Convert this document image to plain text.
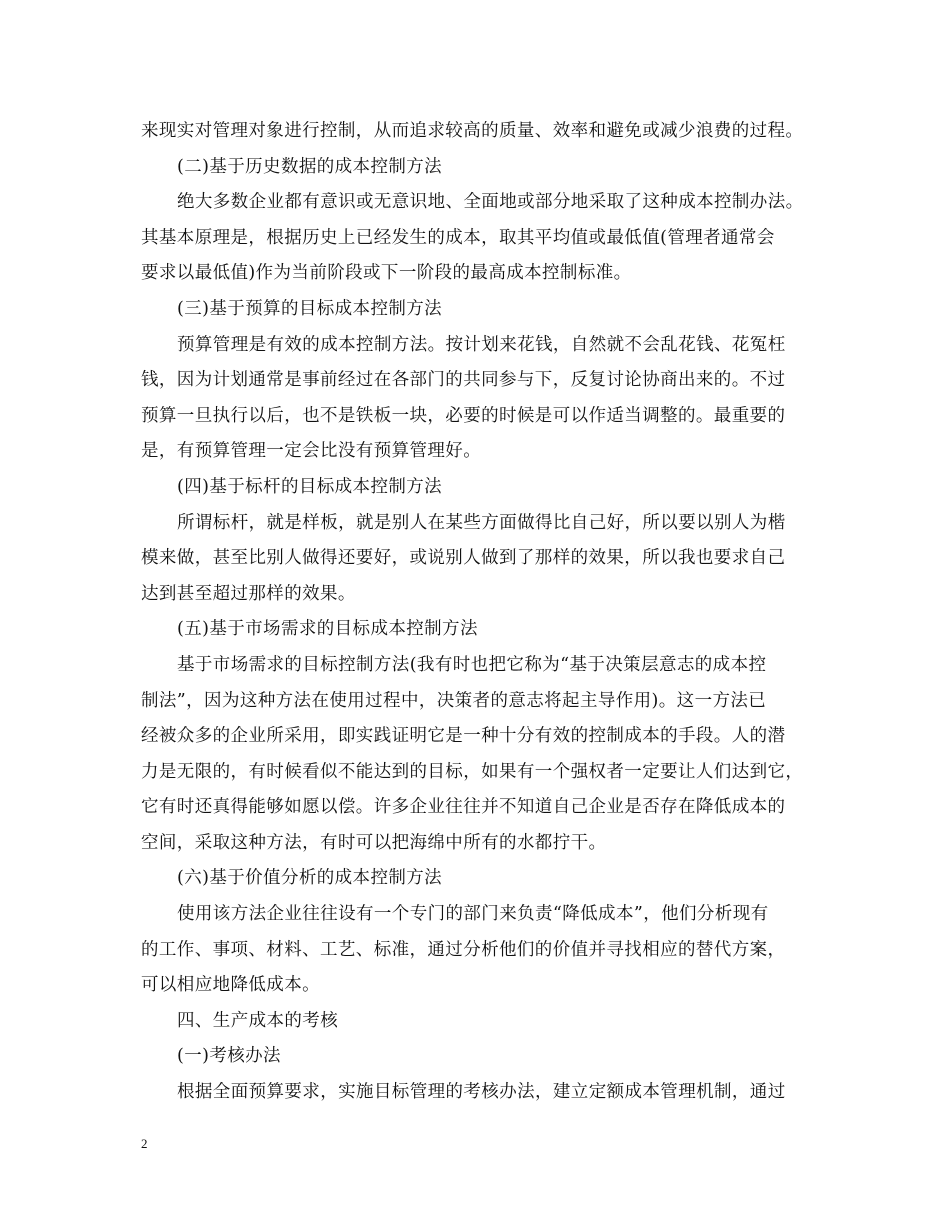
来现实对管理对象进行控制，从而追求较高的质量、效率和避免或减少浪费的过程。
(二)基于历史数据的成本控制方法
绝大多数企业都有意识或无意识地、全面地或部分地采取了这种成本控制办法。
其基本原理是，根据历史上已经发生的成本，取其平均值或最低值(管理者通常会
要求以最低值)作为当前阶段或下一阶段的最高成本控制标准。
(三)基于预算的目标成本控制方法
预算管理是有效的成本控制方法。按计划来花钱，自然就不会乱花钱、花冤枉
钱，因为计划通常是事前经过在各部门的共同参与下，反复讨论协商出来的。不过
预算一旦执行以后，也不是铁板一块，必要的时候是可以作适当调整的。最重要的
是，有预算管理一定会比没有预算管理好。
(四)基于标杆的目标成本控制方法
所谓标杆，就是样板，就是别人在某些方面做得比自己好，所以要以别人为楷
模来做，甚至比别人做得还要好，或说别人做到了那样的效果，所以我也要求自己
达到甚至超过那样的效果。
(五)基于市场需求的目标成本控制方法
基于市场需求的目标控制方法(我有时也把它称为“基于决策层意志的成本控
制法”，因为这种方法在使用过程中，决策者的意志将起主导作用)。这一方法已
经被众多的企业所采用，即实践证明它是一种十分有效的控制成本的手段。人的潜
力是无限的，有时候看似不能达到的目标，如果有一个强权者一定要让人们达到它，
它有时还真得能够如愿以偿。许多企业往往并不知道自己企业是否存在降低成本的
空间，采取这种方法，有时可以把海绵中所有的水都拧干。
(六)基于价值分析的成本控制方法
使用该方法企业往往设有一个专门的部门来负责“降低成本”，他们分析现有
的工作、事项、材料、工艺、标准，通过分析他们的价值并寻找相应的替代方案，
可以相应地降低成本。
四、生产成本的考核
(一)考核办法
根据全面预算要求，实施目标管理的考核办法，建立定额成本管理机制，通过
2
